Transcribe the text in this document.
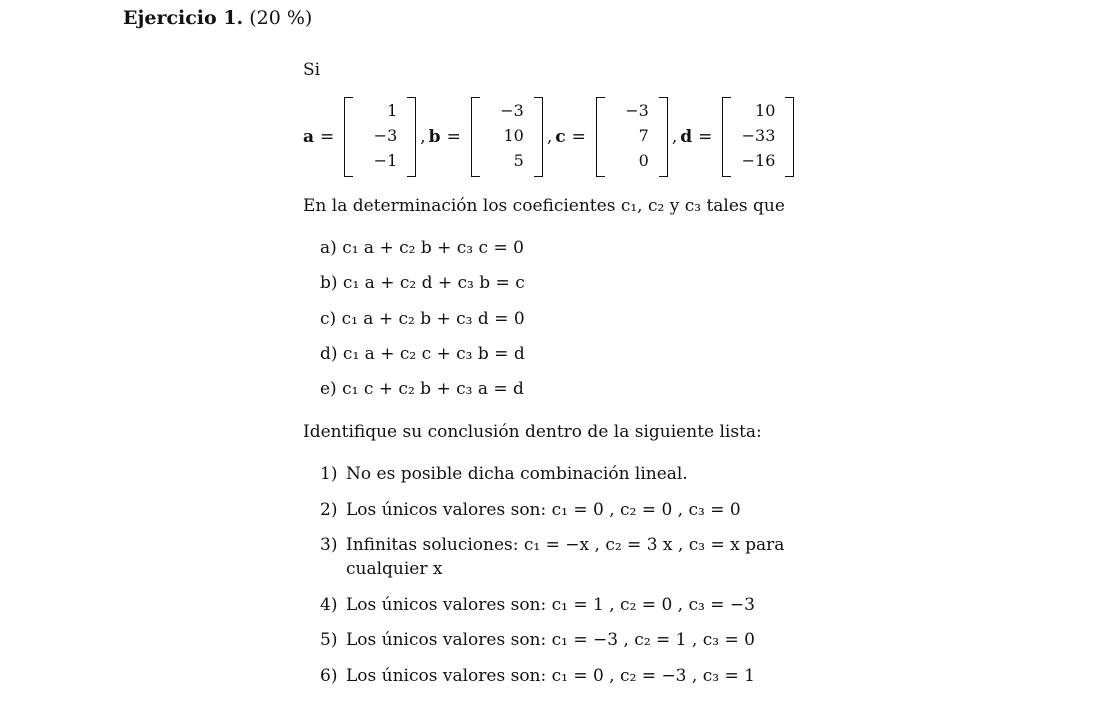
Ejercicio 1. (20 %)
Si
a =
1
−3
−1
, b =
−3
10
5
, c =
−3
7
0
, d =
10
−33
−16
En la determinación los coeficientes c₁, c₂ y c₃ tales que
a) c₁ a + c₂ b + c₃ c = 0
b) c₁ a + c₂ d + c₃ b = c
c) c₁ a + c₂ b + c₃ d = 0
d) c₁ a + c₂ c + c₃ b = d
e) c₁ c + c₂ b + c₃ a = d
Identifique su conclusión dentro de la siguiente lista:
1) No es posible dicha combinación lineal.
2) Los únicos valores son: c₁ = 0 , c₂ = 0 , c₃ = 0
3) Infinitas soluciones: c₁ = −x , c₂ = 3 x , c₃ = x para cualquier x
4) Los únicos valores son: c₁ = 1 , c₂ = 0 , c₃ = −3
5) Los únicos valores son: c₁ = −3 , c₂ = 1 , c₃ = 0
6) Los únicos valores son: c₁ = 0 , c₂ = −3 , c₃ = 1
